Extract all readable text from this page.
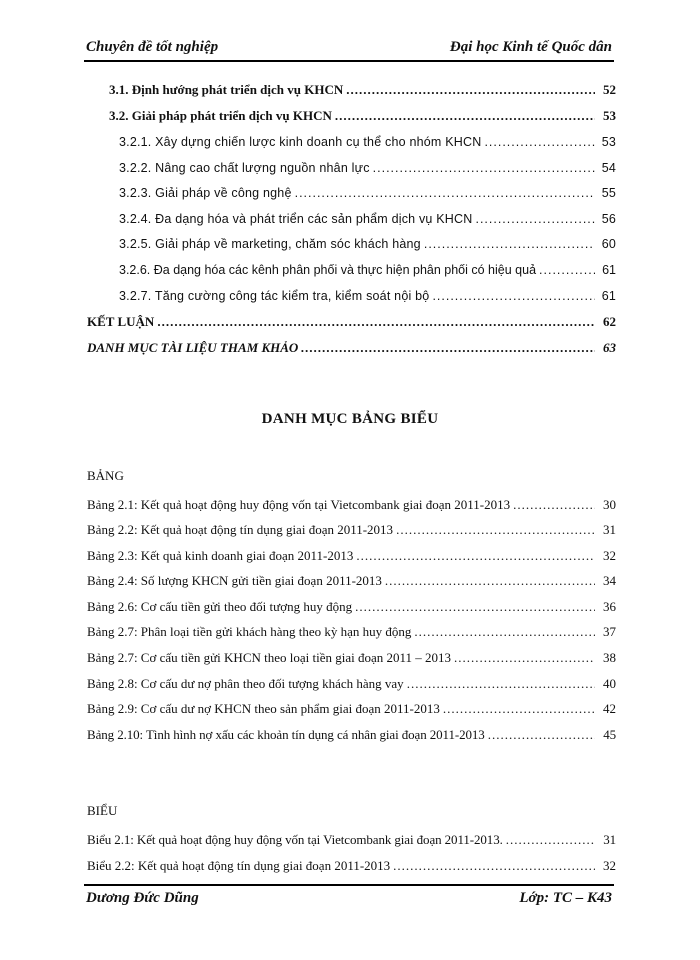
Chuyên đề tốt nghiệp	Đại học Kinh tế Quốc dân
3.1. Định hướng phát triển dịch vụ KHCN .....	52
3.2. Giải pháp phát triển dịch vụ KHCN .....	53
3.2.1. Xây dựng chiến lược kinh doanh cụ thể cho nhóm KHCN .....	53
3.2.2. Nâng cao chất lượng nguồn nhân lực .....	54
3.2.3. Giải pháp về công nghệ .....	55
3.2.4. Đa dạng hóa và phát triển các sản phẩm dịch vụ KHCN .....	56
3.2.5. Giải pháp về marketing, chăm sóc khách hàng .....	60
3.2.6. Đa dạng hóa các kênh phân phối và thực hiện phân phối có hiệu quả .....	61
3.2.7. Tăng cường công tác kiểm tra, kiểm soát nội bộ .....	61
KẾT LUẬN .....	62
DANH MỤC TÀI LIỆU THAM KHẢO .....	63
DANH MỤC BẢNG BIỂU
BẢNG
Bảng 2.1: Kết quả hoạt động huy động vốn tại Vietcombank giai đoạn 2011-2013 .....	30
Bảng 2.2: Kết quả hoạt động tín dụng giai đoạn 2011-2013 .....	31
Bảng 2.3: Kết quả kinh doanh giai đoạn 2011-2013 .....	32
Bảng 2.4: Số lượng KHCN gửi tiền giai đoạn 2011-2013 .....	34
Bảng 2.6: Cơ cấu tiền gửi theo đối tượng huy động .....	36
Bảng 2.7: Phân loại tiền gửi khách hàng theo kỳ hạn huy động .....	37
Bảng 2.7: Cơ cấu tiền gửi KHCN theo loại tiền giai đoạn 2011 – 2013 .....	38
Bảng 2.8: Cơ cấu dư nợ phân theo đối tượng khách hàng vay .....	40
Bảng 2.9: Cơ cấu dư nợ KHCN theo sản phẩm giai đoạn 2011-2013 .....	42
Bảng 2.10: Tình hình nợ xấu các khoản tín dụng cá nhân giai đoạn 2011-2013 .....	45
BIỂU
Biểu 2.1: Kết quả hoạt động huy động vốn tại Vietcombank giai đoạn 2011-2013. .....	31
Biểu 2.2: Kết quả hoạt động tín dụng giai đoạn 2011-2013 .....	32
Dương Đức Dũng	Lớp: TC – K43
